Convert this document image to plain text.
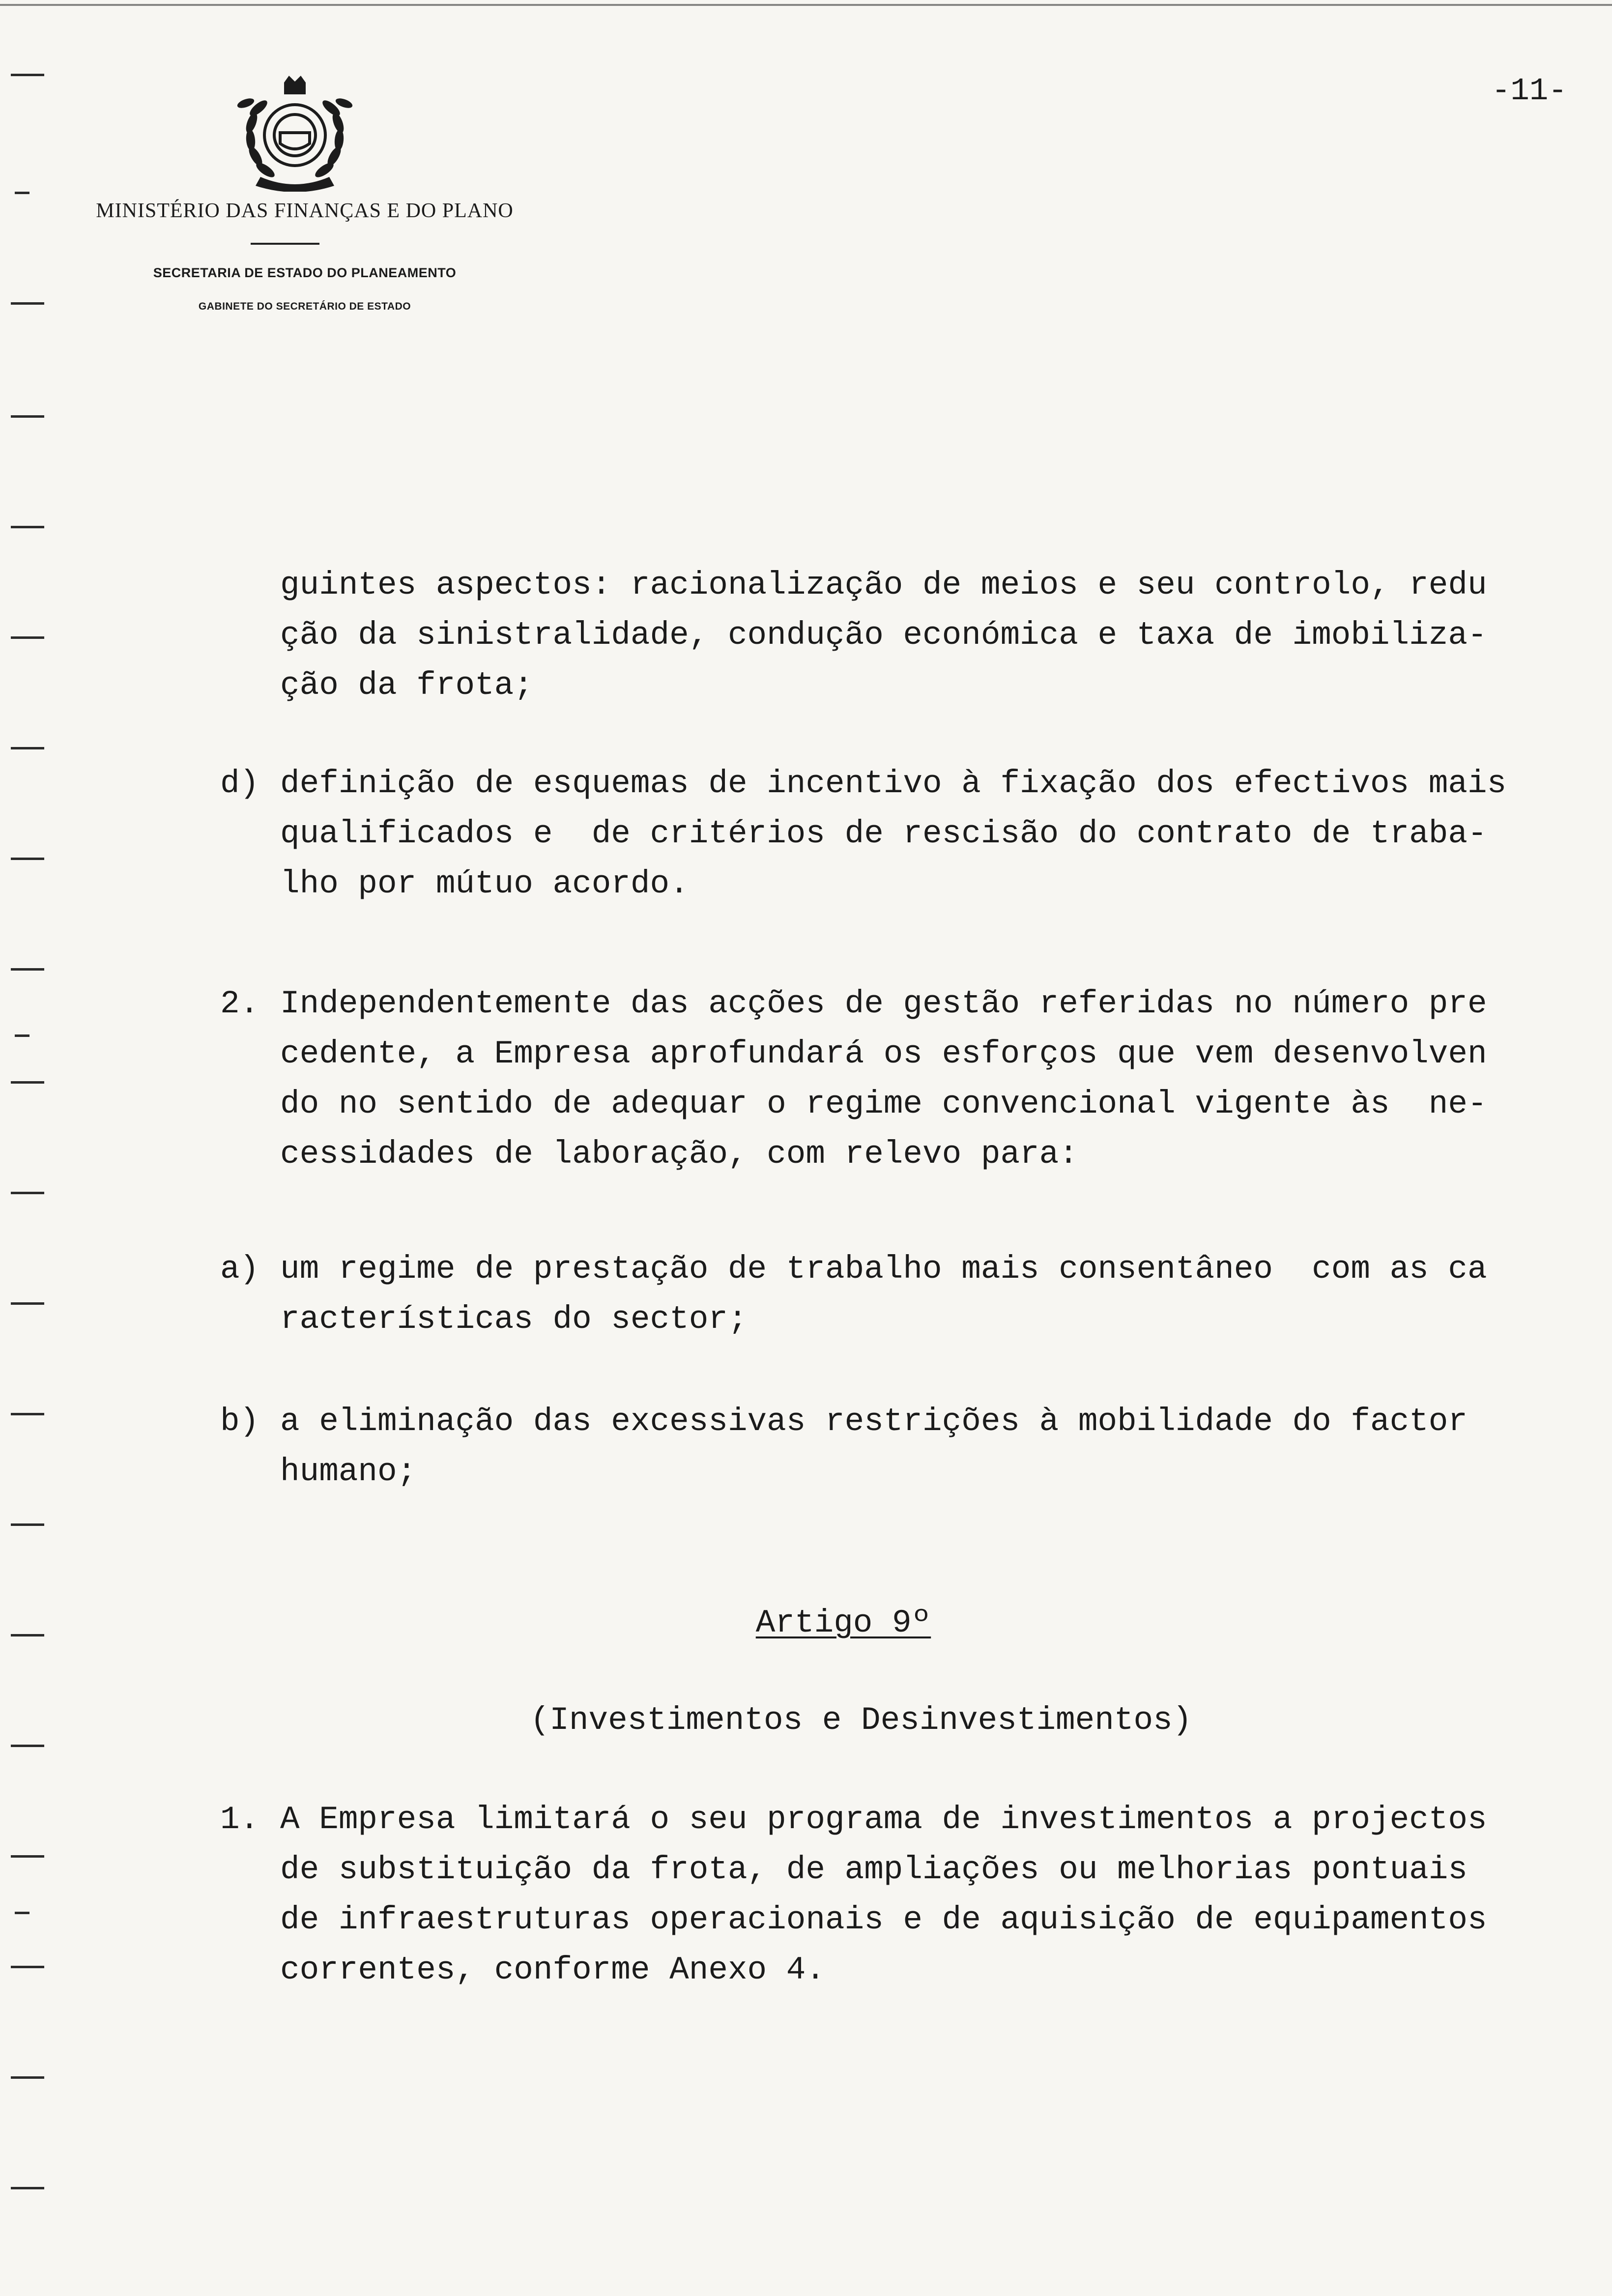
MINISTÉRIO DAS FINANÇAS E DO PLANO
SECRETARIA DE ESTADO DO PLANEAMENTO
GABINETE DO SECRETÁRIO DE ESTADO
-11-
guintes aspectos: racionalização de meios e seu controlo, redu
ção da sinistralidade, condução económica e taxa de imobiliza-
ção da frota;
d) definição de esquemas de incentivo à fixação dos efectivos mais
qualificados e  de critérios de rescisão do contrato de traba-
lho por mútuo acordo.
2. Independentemente das acções de gestão referidas no número pre
cedente, a Empresa aprofundará os esforços que vem desenvolven
do no sentido de adequar o regime convencional vigente às  ne-
cessidades de laboração, com relevo para:
a) um regime de prestação de trabalho mais consentâneo  com as ca
racterísticas do sector;
b) a eliminação das excessivas restrições à mobilidade do factor
humano;
Artigo 9º
(Investimentos e Desinvestimentos)
1. A Empresa limitará o seu programa de investimentos a projectos
de substituição da frota, de ampliações ou melhorias pontuais
de infraestruturas operacionais e de aquisição de equipamentos
correntes, conforme Anexo 4.
